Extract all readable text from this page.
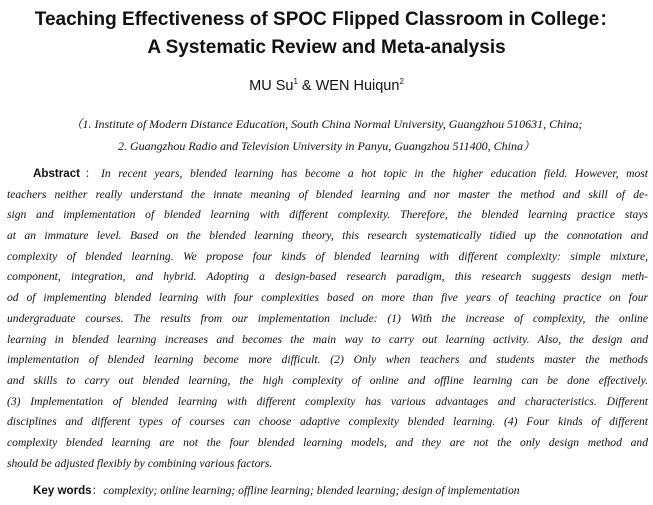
Teaching Effectiveness of SPOC Flipped Classroom in College：
A Systematic Review and Meta-analysis
MU Su$^1$ & WEN Huiqun$^2$
（1. Institute of Modern Distance Education, South China Normal University, Guangzhou 510631, China;
2. Guangzhou Radio and Television University in Panyu, Guangzhou 511400, China）
Abstract：In recent years, blended learning has become a hot topic in the higher education field. However, most
teachers neither really understand the innate meaning of blended learning and nor master the method and skill of de-
sign and implementation of blended learning with different complexity. Therefore, the blended learning practice stays
at an immature level. Based on the blended learning theory, this research systematically tidied up the connotation and
complexity of blended learning. We propose four kinds of blended learning with different complexity: simple mixture,
component, integration, and hybrid. Adopting a design-based research paradigm, this research suggests design meth-
od of implementing blended learning with four complexities based on more than five years of teaching practice on four
undergraduate courses. The results from our implementation include: (1) With the increase of complexity, the online
learning in blended learning increases and becomes the main way to carry out learning activity. Also, the design and
implementation of blended learning become more difficult. (2) Only when teachers and students master the methods
and skills to carry out blended learning, the high complexity of online and offline learning can be done effectively.
(3) Implementation of blended learning with different complexity has various advantages and characteristics. Different
disciplines and different types of courses can choose adaptive complexity blended learning. (4) Four kinds of different
complexity blended learning are not the four blended learning models, and they are not the only design method and
should be adjusted flexibly by combining various factors.
Key words：complexity; online learning; offline learning; blended learning; design of implementation
